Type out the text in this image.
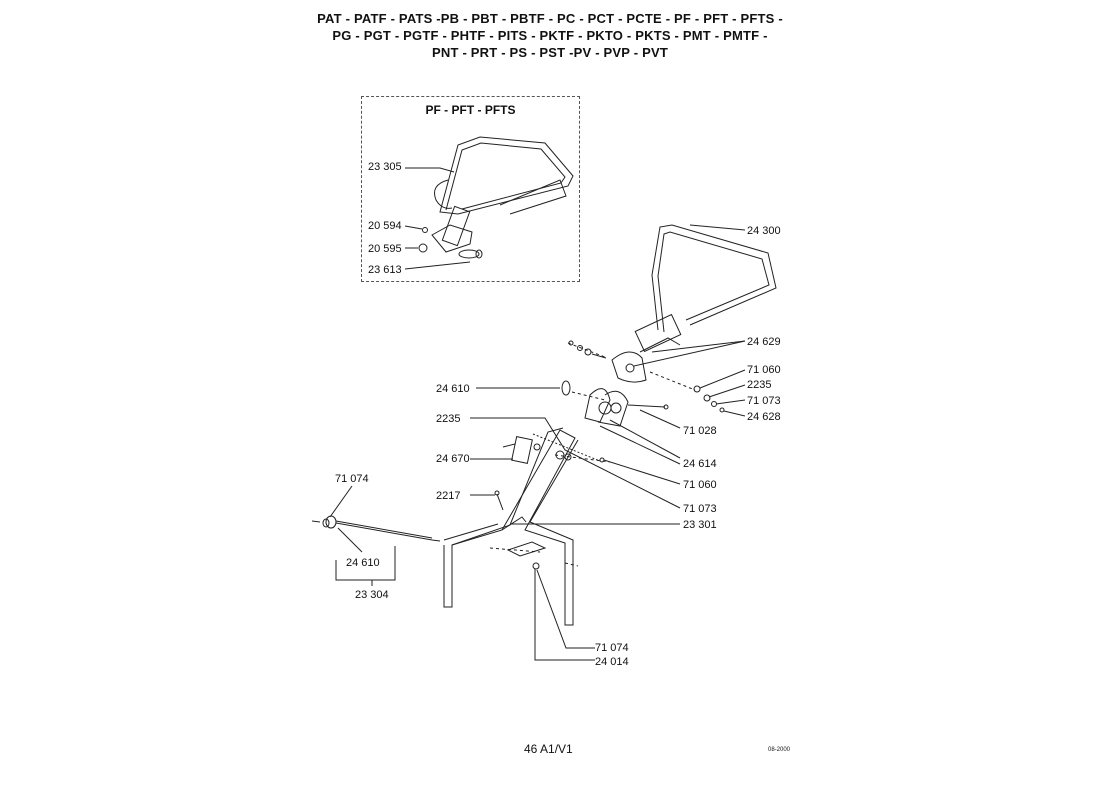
PAT - PATF - PATS -PB - PBT - PBTF - PC - PCT - PCTE - PF - PFT - PFTS -
PG - PGT - PGTF - PHTF - PITS - PKTF - PKTO - PKTS - PMT - PMTF -
PNT - PRT - PS - PST -PV - PVP - PVT
PF - PFT - PFTS
23 305
20 594
20 595
23 613
24 300
24 629
71 060
2235
71 073
24 628
24 610
71 028
2235
24 614
24 670
71 060
2217
71 073
23 301
71 074
24 610
23 304
71 074
24 014
46 A1/V1	08-2000
